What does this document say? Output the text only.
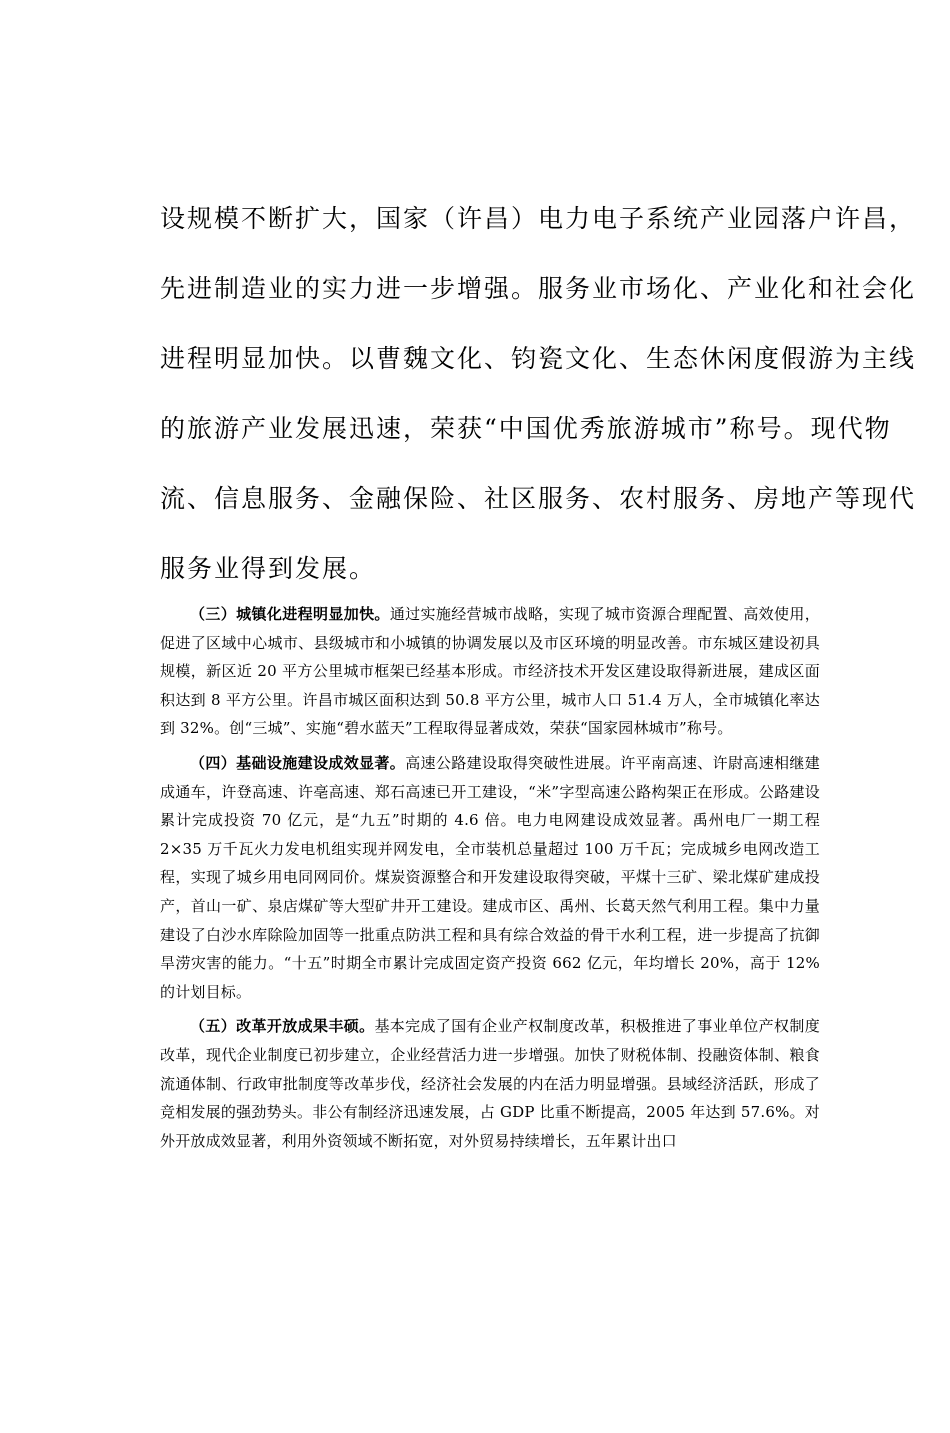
设规模不断扩大，国家（许昌）电力电子系统产业园落户许昌，
先进制造业的实力进一步增强。服务业市场化、产业化和社会化
进程明显加快。以曹魏文化、钧瓷文化、生态休闲度假游为主线
的旅游产业发展迅速，荣获“中国优秀旅游城市”称号。现代物
流、信息服务、金融保险、社区服务、农村服务、房地产等现代
服务业得到发展。

（三）城镇化进程明显加快。通过实施经营城市战略，实现了城市资源合理配置、高效使用，促进了区域中心城市、县级城市和小城镇的协调发展以及市区环境的明显改善。市东城区建设初具规模，新区近 20 平方公里城市框架已经基本形成。市经济技术开发区建设取得新进展，建成区面积达到 8 平方公里。许昌市城区面积达到 50.8 平方公里，城市人口 51.4 万人，全市城镇化率达到 32%。创“三城”、实施“碧水蓝天”工程取得显著成效，荣获“国家园林城市”称号。

（四）基础设施建设成效显著。高速公路建设取得突破性进展。许平南高速、许尉高速相继建成通车，许登高速、许亳高速、郑石高速已开工建设，“米”字型高速公路构架正在形成。公路建设累计完成投资 70 亿元，是“九五”时期的 4.6 倍。电力电网建设成效显著。禹州电厂一期工程 2×35 万千瓦火力发电机组实现并网发电，全市装机总量超过 100 万千瓦；完成城乡电网改造工程，实现了城乡用电同网同价。煤炭资源整合和开发建设取得突破，平煤十三矿、梁北煤矿建成投产，首山一矿、泉店煤矿等大型矿井开工建设。建成市区、禹州、长葛天然气利用工程。集中力量建设了白沙水库除险加固等一批重点防洪工程和具有综合效益的骨干水利工程，进一步提高了抗御旱涝灾害的能力。“十五”时期全市累计完成固定资产投资 662 亿元，年均增长 20%，高于 12%的计划目标。

（五）改革开放成果丰硕。基本完成了国有企业产权制度改革，积极推进了事业单位产权制度改革，现代企业制度已初步建立，企业经营活力进一步增强。加快了财税体制、投融资体制、粮食流通体制、行政审批制度等改革步伐，经济社会发展的内在活力明显增强。县域经济活跃，形成了竞相发展的强劲势头。非公有制经济迅速发展，占 GDP 比重不断提高，2005 年达到 57.6%。对外开放成效显著，利用外资领域不断拓宽，对外贸易持续增长，五年累计出口
